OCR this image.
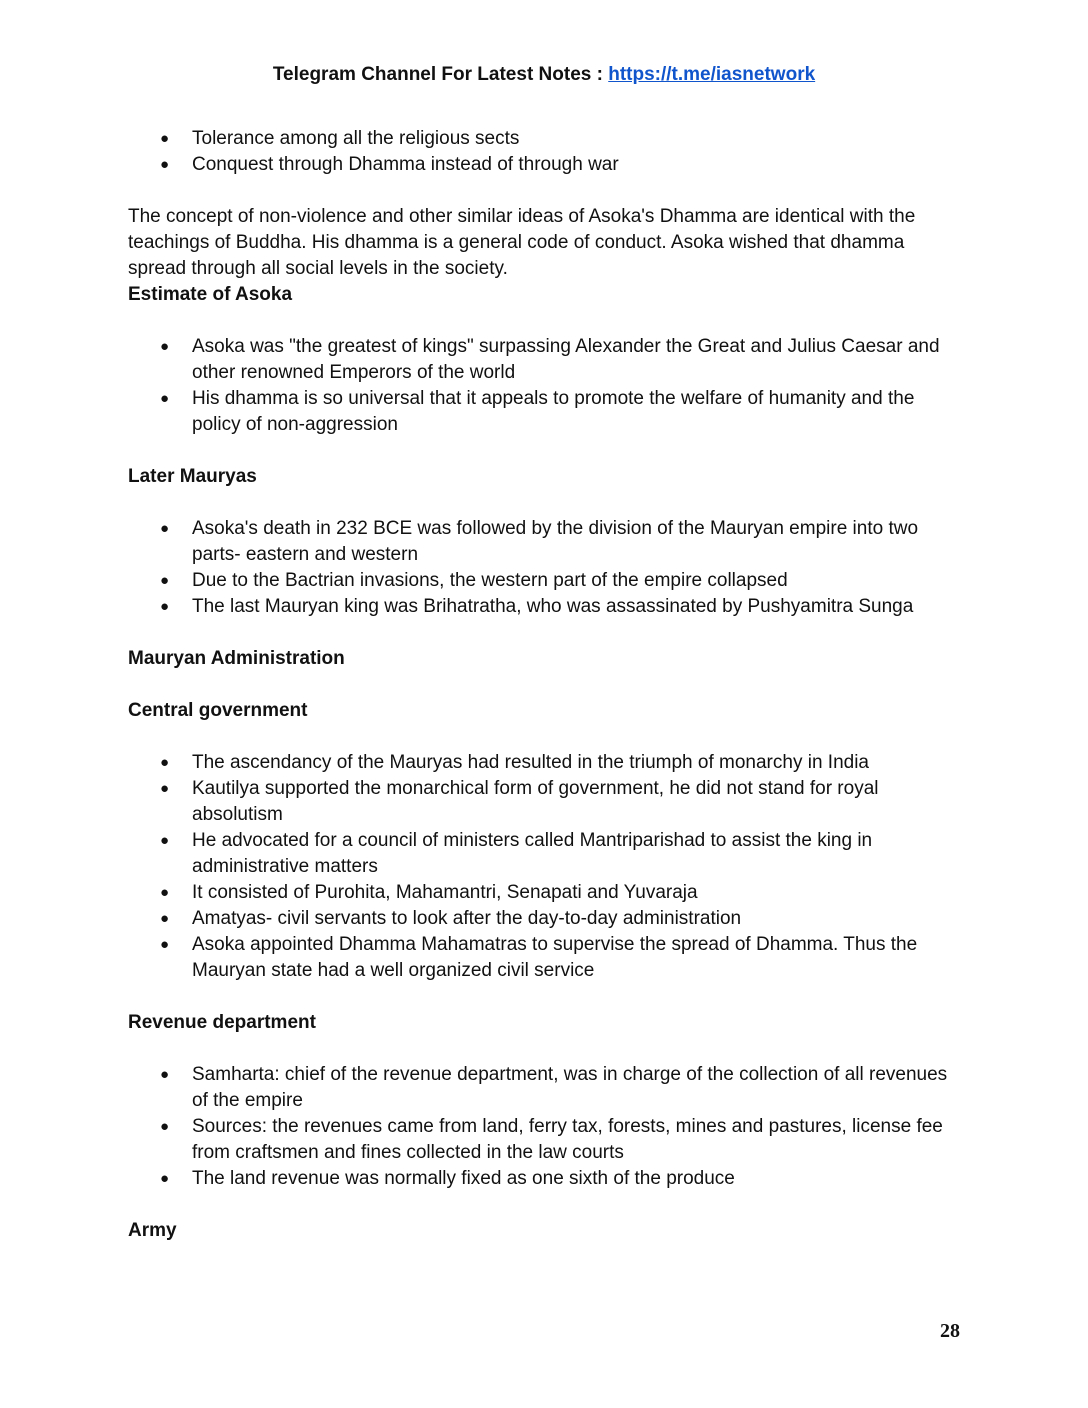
Telegram Channel For Latest Notes : https://t.me/iasnetwork
● Tolerance among all the religious sects
● Conquest through Dhamma instead of through war

The concept of non-violence and other similar ideas of Asoka's Dhamma are identical with the teachings of Buddha. His dhamma is a general code of conduct. Asoka wished that dhamma spread through all social levels in the society.

Estimate of Asoka

● Asoka was "the greatest of kings" surpassing Alexander the Great and Julius Caesar and other renowned Emperors of the world
● His dhamma is so universal that it appeals to promote the welfare of humanity and the policy of non-aggression

Later Mauryas

● Asoka's death in 232 BCE was followed by the division of the Mauryan empire into two parts- eastern and western
● Due to the Bactrian invasions, the western part of the empire collapsed
● The last Mauryan king was Brihatratha, who was assassinated by Pushyamitra Sunga

Mauryan Administration

Central government

● The ascendancy of the Mauryas had resulted in the triumph of monarchy in India
● Kautilya supported the monarchical form of government, he did not stand for royal absolutism
● He advocated for a council of ministers called Mantriparishad to assist the king in administrative matters
● It consisted of Purohita, Mahamantri, Senapati and Yuvaraja
● Amatyas- civil servants to look after the day-to-day administration
● Asoka appointed Dhamma Mahamatras to supervise the spread of Dhamma. Thus the Mauryan state had a well organized civil service

Revenue department

● Samharta: chief of the revenue department, was in charge of the collection of all revenues of the empire
● Sources: the revenues came from land, ferry tax, forests, mines and pastures, license fee from craftsmen and fines collected in the law courts
● The land revenue was normally fixed as one sixth of the produce

Army

28
